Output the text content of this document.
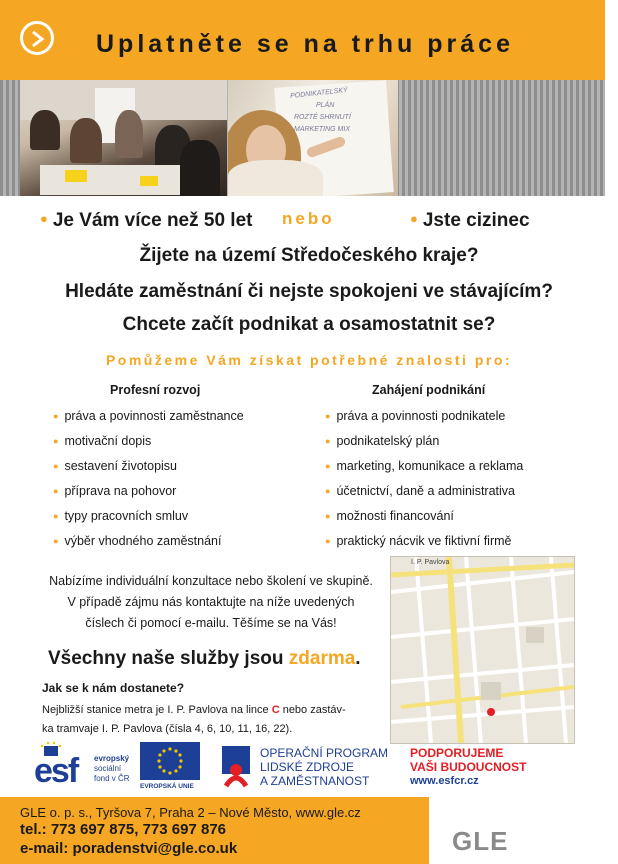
Uplatněte se na trhu práce
PODNIKATELSKÝ
PLÁN
ROZTÉ SHRNUTÍ
MARKETING MIX
● Je Vám více než 50 let nebo	● Jste cizinec
Žijete na území Středočeského kraje?
Hledáte zaměstnání či nejste spokojeni ve stávajícím?
Chcete začít podnikat a osamostatnit se?
Pomůžeme Vám získat potřebné znalosti pro:
Profesní rozvoj	Zahájení podnikání
● práva a povinnosti zaměstnance
● motivační dopis
● sestavení životopisu
● příprava na pohovor
● typy pracovních smluv
● výběr vhodného zaměstnání
● práva a povinnosti podnikatele
● podnikatelský plán
● marketing, komunikace a reklama
● účetnictví, daně a administrativa
● možnosti financování
● praktický nácvik ve fiktivní firmě
Nabízíme individuální konzultace nebo školení ve skupině.
V případě zájmu nás kontaktujte na níže uvedených
číslech či pomocí e-mailu. Těšíme se na Vás!
Všechny naše služby jsou zdarma.
Jak se k nám dostanete?
Nejbližší stanice metra je I. P. Pavlova na lince C nebo zastáv-
ka tramvaje I. P. Pavlova (čísla 4, 6, 10, 11, 16, 22).
I. P. Pavlova
esf evropský
sociální
fond v ČR
EVROPSKÁ UNIE
OPERAČNÍ PROGRAM
LIDSKÉ ZDROJE
A ZAMĚSTNANOST
PODPORUJEME
VAŠI BUDOUCNOST
www.esfcr.cz
GLE o. p. s., Tyršova 7, Praha 2 – Nové Město, www.gle.cz
tel.: 773 697 875, 773 697 876
e-mail: poradenstvi@gle.co.uk	GLE
